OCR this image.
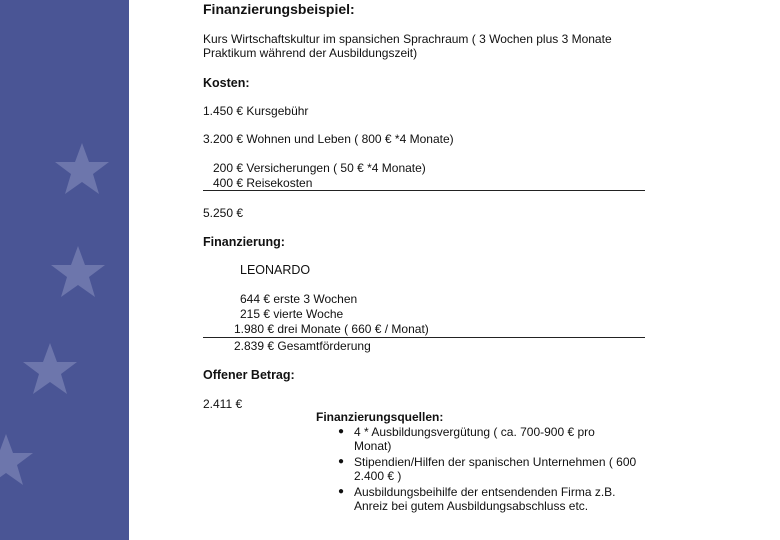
Finanzierungsbeispiel:
Kurs Wirtschaftskultur im spansichen Sprachraum ( 3 Wochen plus 3 Monate
Praktikum während der Ausbildungszeit)
Kosten:
1.450 € Kursgebühr
3.200 € Wohnen und Leben ( 800 € *4 Monate)
200 € Versicherungen ( 50 € *4 Monate)
400 € Reisekosten
5.250 €
Finanzierung:
LEONARDO
644 € erste 3 Wochen
215 € vierte Woche
1.980 € drei Monate ( 660 € / Monat)
2.839 € Gesamtförderung
Offener Betrag:
2.411 €
Finanzierungsquellen:
● 4 * Ausbildungsvergütung ( ca. 700-900 € pro
Monat)
● Stipendien/Hilfen der spanischen Unternehmen ( 600
2.400 € )
● Ausbildungsbeihilfe der entsendenden Firma z.B.
Anreiz bei gutem Ausbildungsabschluss etc.
